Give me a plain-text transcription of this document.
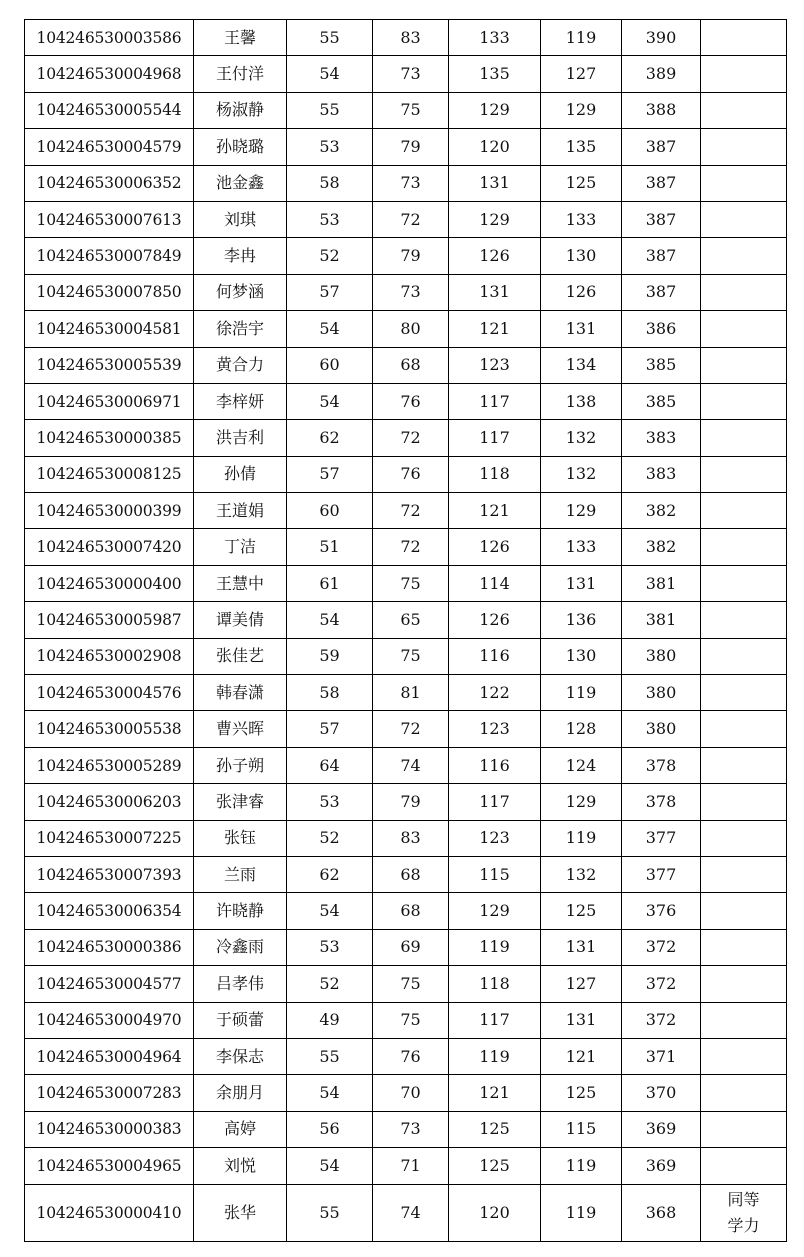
104246530003586	王馨	55	83	133	119	390	
104246530004968	王付洋	54	73	135	127	389	
104246530005544	杨淑静	55	75	129	129	388	
104246530004579	孙晓璐	53	79	120	135	387	
104246530006352	池金鑫	58	73	131	125	387	
104246530007613	刘琪	53	72	129	133	387	
104246530007849	李冉	52	79	126	130	387	
104246530007850	何梦涵	57	73	131	126	387	
104246530004581	徐浩宇	54	80	121	131	386	
104246530005539	黄合力	60	68	123	134	385	
104246530006971	李梓妍	54	76	117	138	385	
104246530000385	洪吉利	62	72	117	132	383	
104246530008125	孙倩	57	76	118	132	383	
104246530000399	王道娟	60	72	121	129	382	
104246530007420	丁洁	51	72	126	133	382	
104246530000400	王慧中	61	75	114	131	381	
104246530005987	谭美倩	54	65	126	136	381	
104246530002908	张佳艺	59	75	116	130	380	
104246530004576	韩春潇	58	81	122	119	380	
104246530005538	曹兴晖	57	72	123	128	380	
104246530005289	孙子朔	64	74	116	124	378	
104246530006203	张津睿	53	79	117	129	378	
104246530007225	张钰	52	83	123	119	377	
104246530007393	兰雨	62	68	115	132	377	
104246530006354	许晓静	54	68	129	125	376	
104246530000386	冷鑫雨	53	69	119	131	372	
104246530004577	吕孝伟	52	75	118	127	372	
104246530004970	于硕蕾	49	75	117	131	372	
104246530004964	李保志	55	76	119	121	371	
104246530007283	余朋月	54	70	121	125	370	
104246530000383	高婷	56	73	125	115	369	
104246530004965	刘悦	54	71	125	119	369	
104246530000410	张华	55	74	120	119	368	同等学力
